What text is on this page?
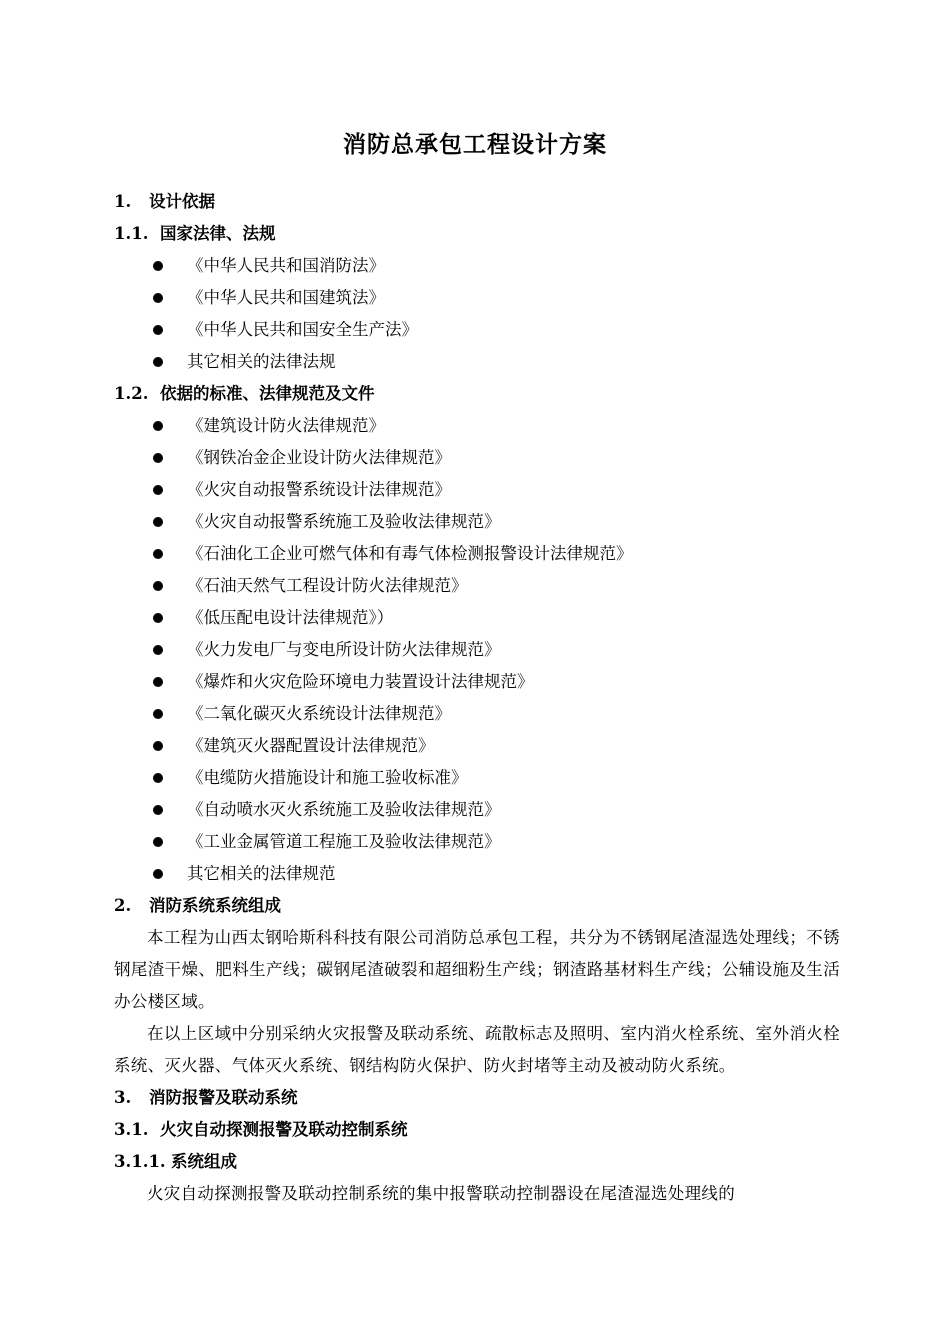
消防总承包工程设计方案
1. 设计依据
1.1. 国家法律、法规
《中华人民共和国消防法》
《中华人民共和国建筑法》
《中华人民共和国安全生产法》
其它相关的法律法规
1.2. 依据的标准、法律规范及文件
《建筑设计防火法律规范》
《钢铁冶金企业设计防火法律规范》
《火灾自动报警系统设计法律规范》
《火灾自动报警系统施工及验收法律规范》
《石油化工企业可燃气体和有毒气体检测报警设计法律规范》
《石油天然气工程设计防火法律规范》
《低压配电设计法律规范》）
《火力发电厂与变电所设计防火法律规范》
《爆炸和火灾危险环境电力装置设计法律规范》
《二氧化碳灭火系统设计法律规范》
《建筑灭火器配置设计法律规范》
《电缆防火措施设计和施工验收标准》
《自动喷水灭火系统施工及验收法律规范》
《工业金属管道工程施工及验收法律规范》
其它相关的法律规范
2. 消防系统系统组成
本工程为山西太钢哈斯科科技有限公司消防总承包工程，共分为不锈钢尾渣湿选处理线；不锈钢尾渣干燥、肥料生产线；碳钢尾渣破裂和超细粉生产线；钢渣路基材料生产线；公辅设施及生活办公楼区域。
在以上区域中分别采纳火灾报警及联动系统、疏散标志及照明、室内消火栓系统、室外消火栓系统、灭火器、气体灭火系统、钢结构防火保护、防火封堵等主动及被动防火系统。
3. 消防报警及联动系统
3.1. 火灾自动探测报警及联动控制系统
3.1.1. 系统组成
火灾自动探测报警及联动控制系统的集中报警联动控制器设在尾渣湿选处理线的
